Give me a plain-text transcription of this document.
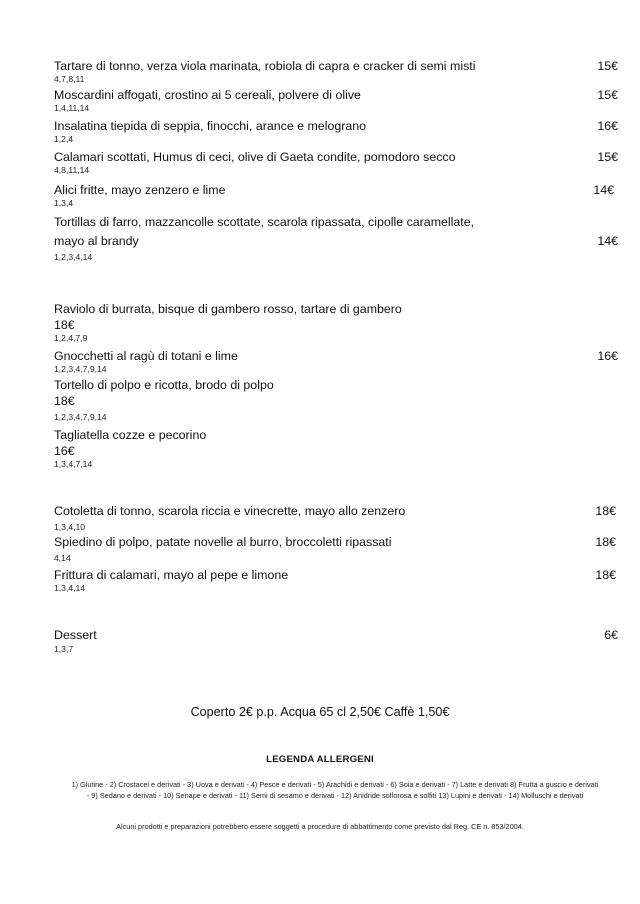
Tartare di tonno, verza viola marinata, robiola di capra e cracker di semi misti
4,7,8,11
15€
Moscardini affogati, crostino ai 5 cereali, polvere di olive
1,4,11,14
15€
Insalatina tiepida di seppia, finocchi, arance e melograno
1,2,4
16€
Calamari scottati, Humus di ceci, olive di Gaeta condite, pomodoro secco
4,8,11,14
15€
Alici fritte, mayo zenzero e lime
1,3,4
14€
Tortillas di farro, mazzancolle scottate, scarola ripassata, cipolle caramellate,
mayo al brandy
1,2,3,4,14
14€
Raviolo di burrata, bisque di gambero rosso, tartare di gambero
18€
1,2,4,7,9
Gnocchetti al ragù di totani e lime
1,2,3,4,7,9,14
16€
Tortello di polpo e ricotta, brodo di polpo
18€
1,2,3,4,7,9,14
Tagliatella cozze e pecorino
16€
1,3,4,7,14
Cotoletta di tonno, scarola riccia e vinecrette, mayo allo zenzero
1,3,4,10
18€
Spiedino di polpo, patate novelle al burro, broccoletti ripassati
4,14
18€
Frittura di calamari, mayo al pepe e limone
1,3,4,14
18€
Dessert
1,3,7
6€
Coperto 2€ p.p. Acqua 65 cl 2,50€ Caffè 1,50€
LEGENDA ALLERGENI
1) Glutine - 2) Crostacei e derivati - 3) Uova e derivati - 4) Pesce e derivati - 5) Arachidi e derivati - 6) Soia e derivati - 7) Latte e derivati 8) Frutta a guscio e derivati - 9) Sedano e derivati - 10) Senape e derivati - 11) Semi di sesamo e derivati - 12) Anidride solforosa e solfiti 13) Lupini e derivati - 14) Molluschi e derivati
Alcuni prodotti e preparazioni potrebbero essere soggetti a procedure di abbattimento come previsto dal Reg. CE n. 853/2004.
